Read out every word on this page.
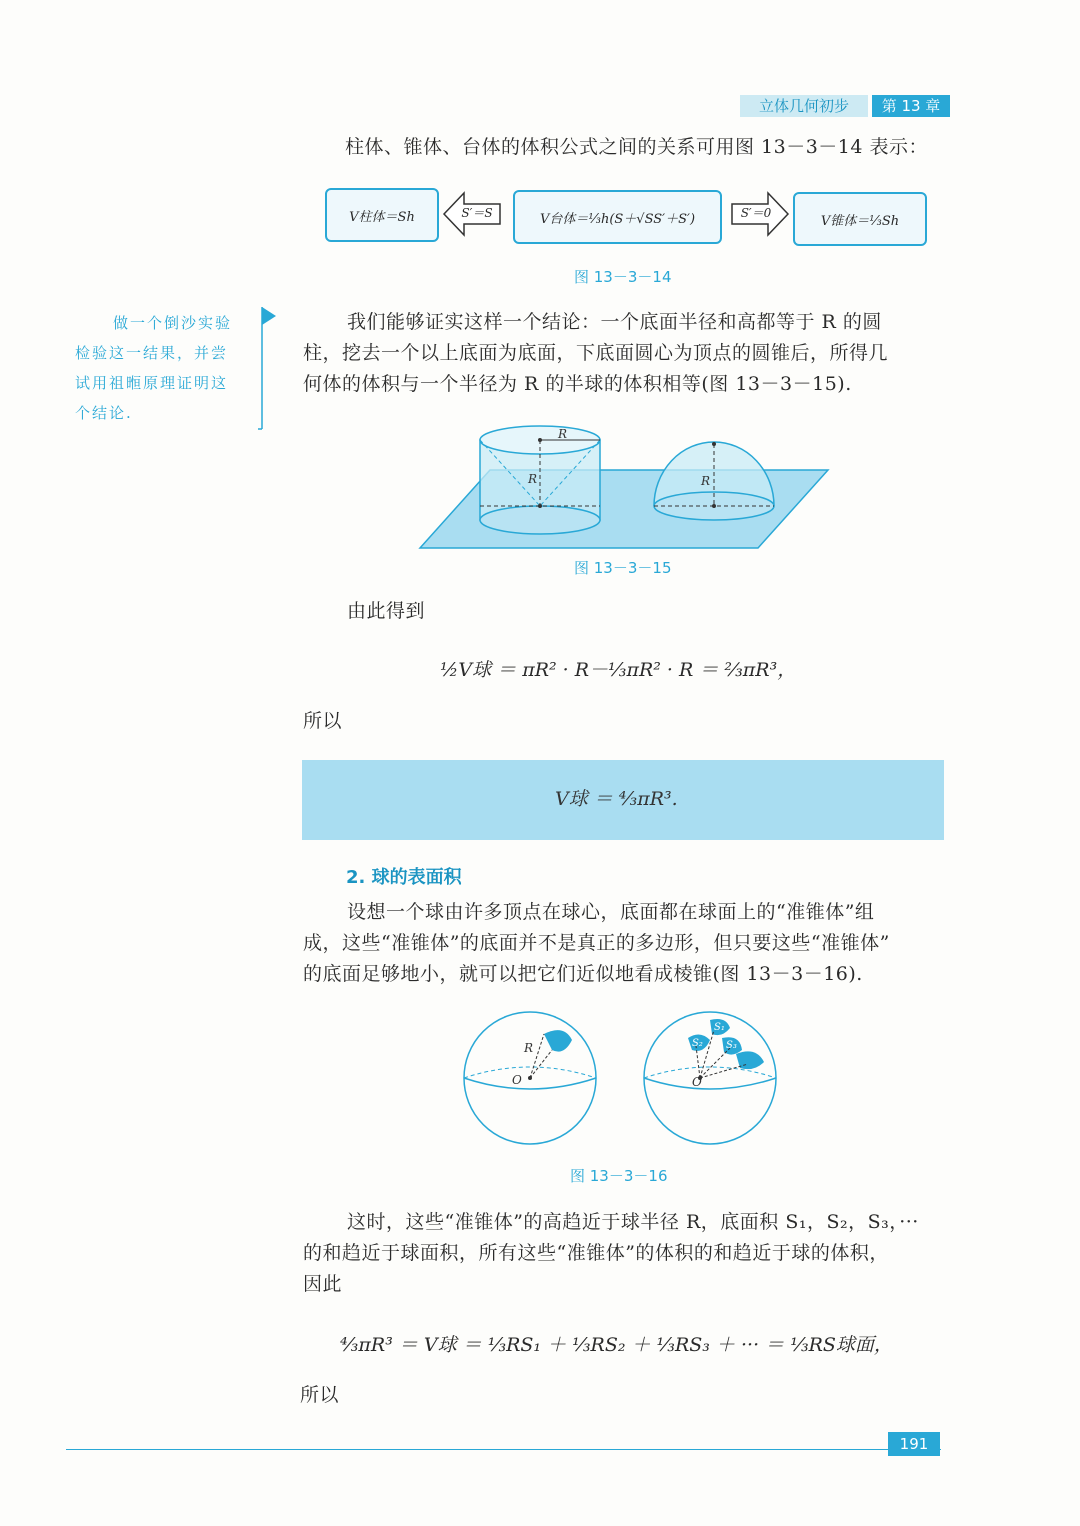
立体几何初步	第 13 章
柱体、锥体、台体的体积公式之间的关系可用图 13－3－14 表示：
V柱体＝Sh	S′＝S	V台体＝⅓h(S＋√SS′＋S′)	S′＝0
V锥体＝⅓Sh
图 13－3－14
做一个倒沙实验
检验这一结果，并尝
试用祖暅原理证明这
个结论.
我们能够证实这样一个结论：一个底面半径和高都等于 R 的圆
柱，挖去一个以上底面为底面，下底面圆心为顶点的圆锥后，所得几
何体的体积与一个半径为 R 的半球的体积相等(图 13－3－15).
R
R	R
图 13－3－15
由此得到
½V球 ＝ πR² · R－⅓πR² · R ＝ ⅔πR³，
所以
V球 ＝ ⁴⁄₃πR³.
2. 球的表面积
设想一个球由许多顶点在球心，底面都在球面上的“准锥体”组
成，这些“准锥体”的底面并不是真正的多边形，但只要这些“准锥体”
的底面足够地小，就可以把它们近似地看成棱锥(图 13－3－16).
R
O
S₁
S₂ S₃
O
图 13－3－16
这时，这些“准锥体”的高趋近于球半径 R，底面积 S₁，S₂，S₃，···
的和趋近于球面积，所有这些“准锥体”的体积的和趋近于球的体积，
因此
⁴⁄₃πR³ ＝ V球 ＝ ⅓RS₁ ＋ ⅓RS₂ ＋ ⅓RS₃ ＋ ··· ＝ ⅓RS球面，
所以
191
